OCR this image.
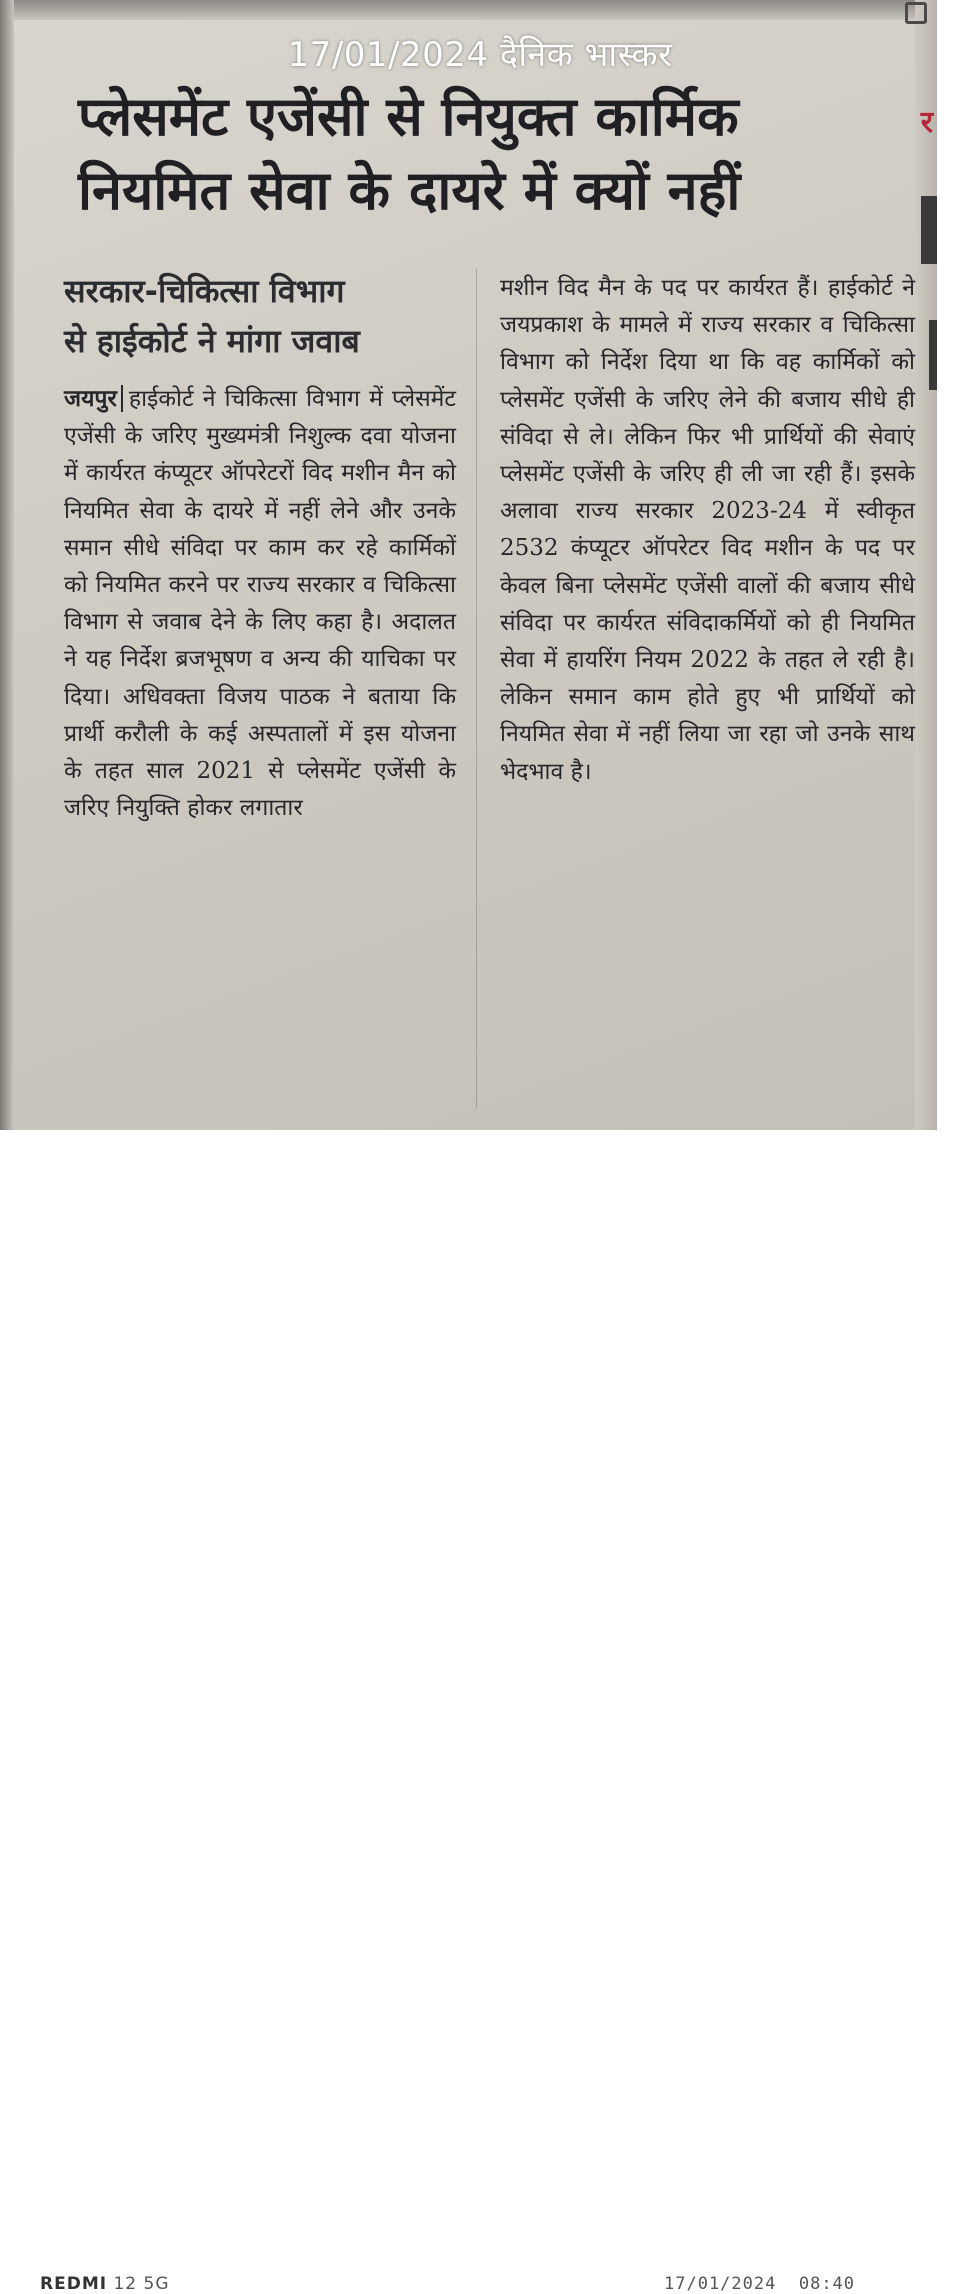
र
17/01/2024 दैनिक भास्कर
प्लेसमेंट एजेंसी से नियुक्त कार्मिक
नियमित सेवा के दायरे में क्यों नहीं
सरकार-चिकित्सा विभाग
से हाईकोर्ट ने मांगा जवाब

जयपुर हाईकोर्ट ने चिकित्सा विभाग में प्लेसमेंट एजेंसी के जरिए मुख्यमंत्री निशुल्क दवा योजना में कार्यरत कंप्यूटर ऑपरेटरों विद मशीन मैन को नियमित सेवा के दायरे में नहीं लेने और उनके समान सीधे संविदा पर काम कर रहे कार्मिकों को नियमित करने पर राज्य सरकार व चिकित्सा विभाग से जवाब देने के लिए कहा है। अदालत ने यह निर्देश ब्रजभूषण व अन्य की याचिका पर दिया। अधिवक्ता विजय पाठक ने बताया कि प्रार्थी करौली के कई अस्पतालों में इस योजना के तहत साल 2021 से प्लेसमेंट एजेंसी के जरिए नियुक्ति होकर लगातार

मशीन विद मैन के पद पर कार्यरत हैं। हाईकोर्ट ने जयप्रकाश के मामले में राज्य सरकार व चिकित्सा विभाग को निर्देश दिया था कि वह कार्मिकों को प्लेसमेंट एजेंसी के जरिए लेने की बजाय सीधे ही संविदा से ले। लेकिन फिर भी प्रार्थियों की सेवाएं प्लेसमेंट एजेंसी के जरिए ही ली जा रही हैं। इसके अलावा राज्य सरकार 2023-24 में स्वीकृत 2532 कंप्यूटर ऑपरेटर विद मशीन के पद पर केवल बिना प्लेसमेंट एजेंसी वालों की बजाय सीधे संविदा पर कार्यरत संविदाकर्मियों को ही नियमित सेवा में हायरिंग नियम 2022 के तहत ले रही है। लेकिन समान काम होते हुए भी प्रार्थियों को नियमित सेवा में नहीं लिया जा रहा जो उनके साथ भेदभाव है।

REDMI 12 5G	17/01/2024 08:40
